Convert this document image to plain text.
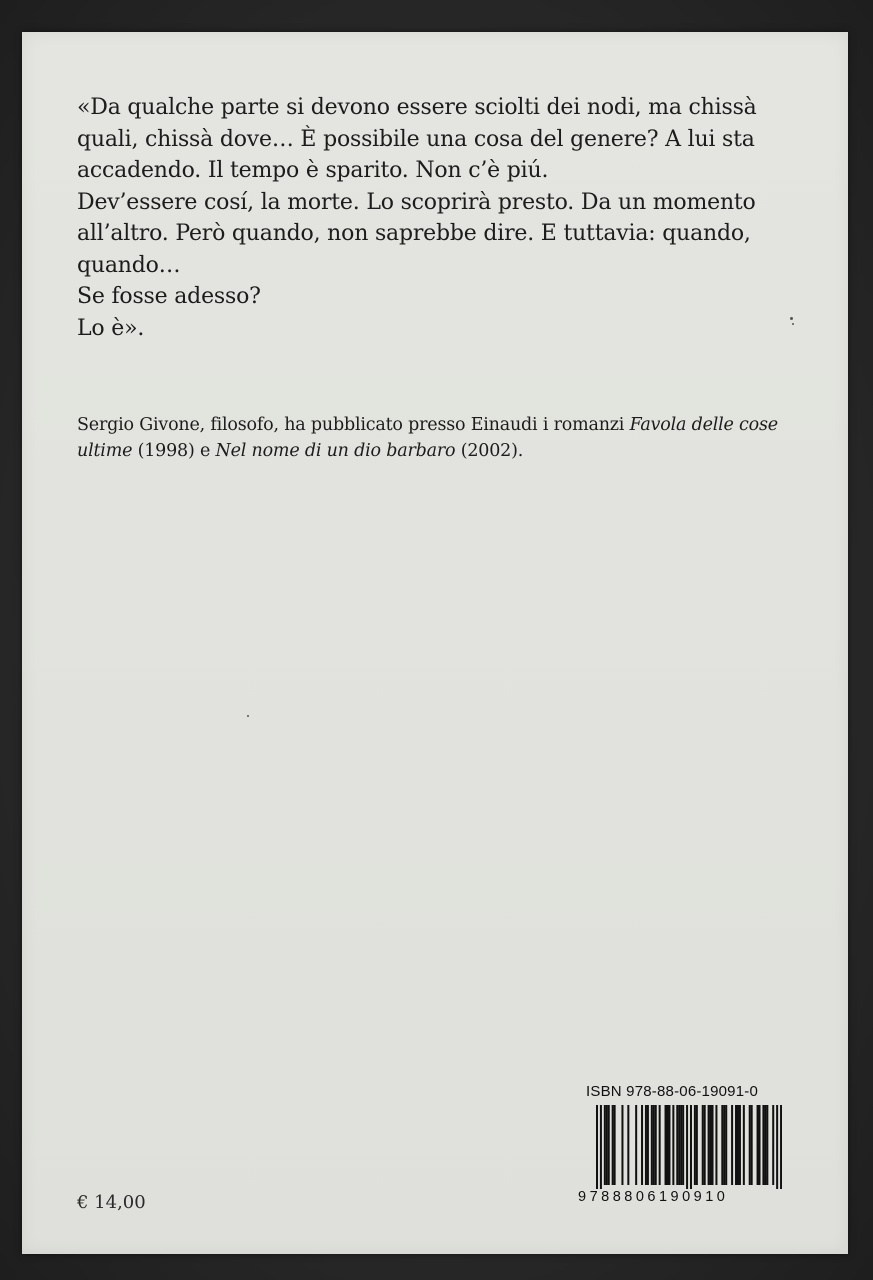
«Da qualche parte si devono essere sciolti dei nodi, ma chissà quali, chissà dove… È possibile una cosa del genere? A lui sta accadendo. Il tempo è sparito. Non c’è piú.

Dev’essere cosí, la morte. Lo scoprirà presto. Da un momento all’altro. Però quando, non saprebbe dire. E tuttavia: quando, quando…

Se fosse adesso?

Lo è».

Sergio Givone, filosofo, ha pubblicato presso Einaudi i romanzi Favola delle cose ultime (1998) e Nel nome di un dio barbaro (2002).
€ 14,00
ISBN 978-88-06-19091-0
9788806190910
